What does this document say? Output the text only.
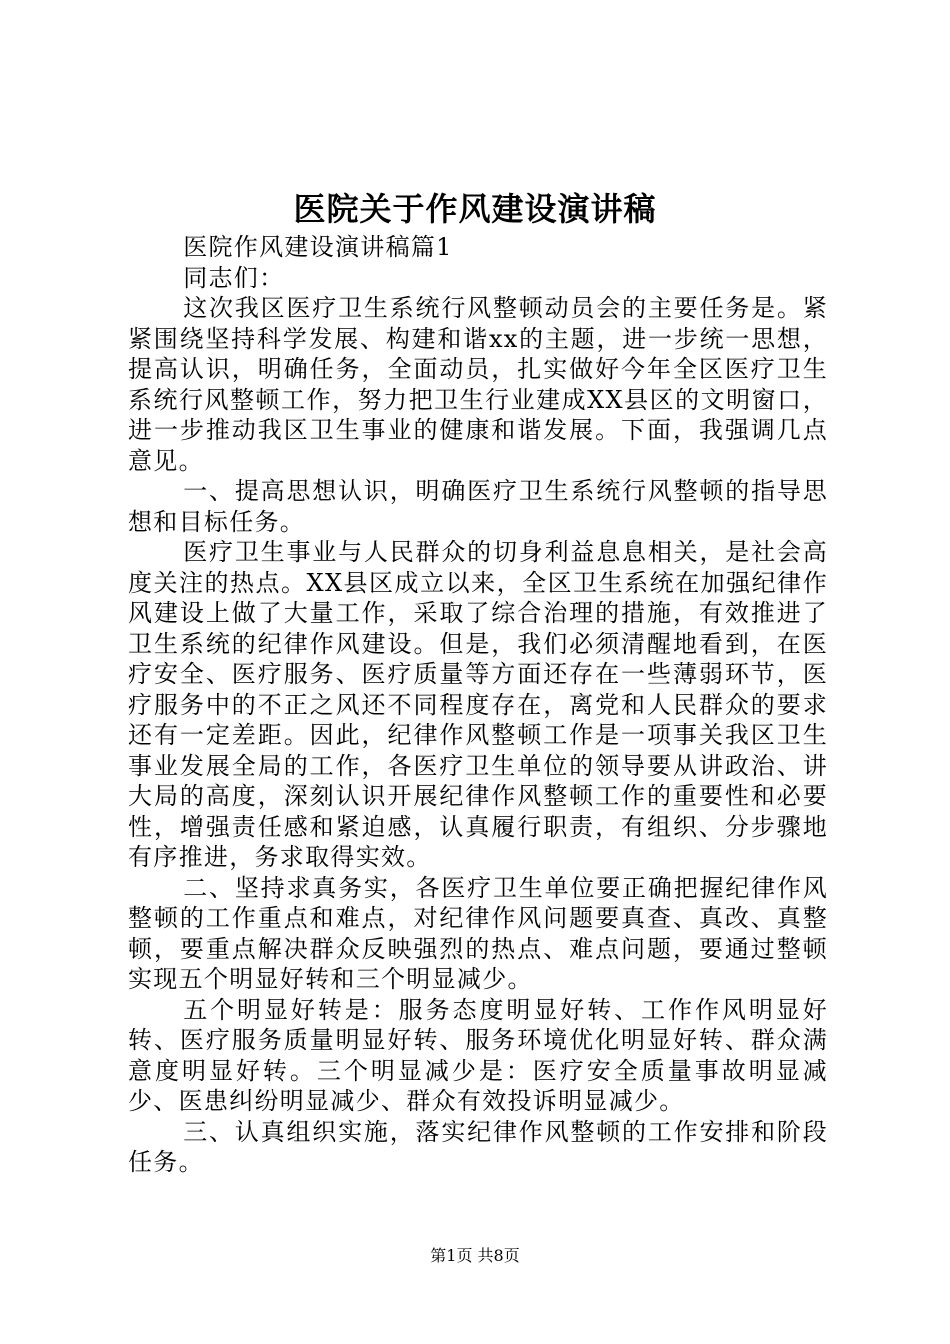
医院关于作风建设演讲稿

医院作风建设演讲稿篇1

同志们：

这次我区医疗卫生系统行风整顿动员会的主要任务是。紧紧围绕坚持科学发展、构建和谐xx的主题，进一步统一思想，提高认识，明确任务，全面动员，扎实做好今年全区医疗卫生系统行风整顿工作，努力把卫生行业建成XX县区的文明窗口，进一步推动我区卫生事业的健康和谐发展。下面，我强调几点意见。

一、提高思想认识，明确医疗卫生系统行风整顿的指导思想和目标任务。

医疗卫生事业与人民群众的切身利益息息相关，是社会高度关注的热点。XX县区成立以来，全区卫生系统在加强纪律作风建设上做了大量工作，采取了综合治理的措施，有效推进了卫生系统的纪律作风建设。但是，我们必须清醒地看到，在医疗安全、医疗服务、医疗质量等方面还存在一些薄弱环节，医疗服务中的不正之风还不同程度存在，离党和人民群众的要求还有一定差距。因此，纪律作风整顿工作是一项事关我区卫生事业发展全局的工作，各医疗卫生单位的领导要从讲政治、讲大局的高度，深刻认识开展纪律作风整顿工作的重要性和必要性，增强责任感和紧迫感，认真履行职责，有组织、分步骤地有序推进，务求取得实效。

二、坚持求真务实，各医疗卫生单位要正确把握纪律作风整顿的工作重点和难点，对纪律作风问题要真查、真改、真整顿，要重点解决群众反映强烈的热点、难点问题，要通过整顿实现五个明显好转和三个明显减少。

五个明显好转是：服务态度明显好转、工作作风明显好转、医疗服务质量明显好转、服务环境优化明显好转、群众满意度明显好转。三个明显减少是：医疗安全质量事故明显减少、医患纠纷明显减少、群众有效投诉明显减少。

三、认真组织实施，落实纪律作风整顿的工作安排和阶段任务。

第1页 共8页
